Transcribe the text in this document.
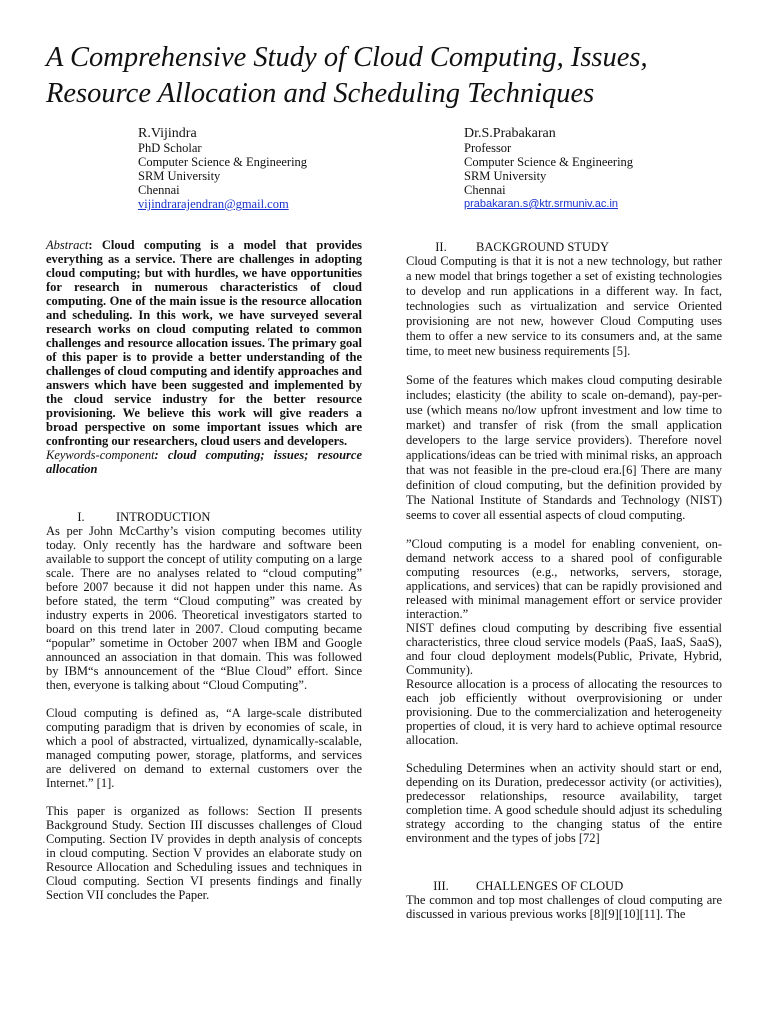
A Comprehensive Study of Cloud Computing, Issues,
Resource Allocation and Scheduling Techniques
R.Vijindra
PhD Scholar
Computer Science & Engineering
SRM University
Chennai
vijindrarajendran@gmail.com
Dr.S.Prabakaran
Professor
Computer Science & Engineering
SRM University
Chennai
prabakaran.s@ktr.srmuniv.ac.in

Abstract: Cloud computing is a model that provides everything as a service. There are challenges in adopting cloud computing; but with hurdles, we have opportunities for research in numerous characteristics of cloud computing. One of the main issue is the resource allocation and scheduling. In this work, we have surveyed several research works on cloud computing related to common challenges and resource allocation issues. The primary goal of this paper is to provide a better understanding of the challenges of cloud computing and identify approaches and answers which have been suggested and implemented by the cloud service industry for the better resource provisioning. We believe this work will give readers a broad perspective on some important issues which are confronting our researchers, cloud users and developers.

Keywords-component: cloud computing; issues; resource allocation

I.	INTRODUCTION

As per John McCarthy’s vision computing becomes utility today. Only recently has the hardware and software been available to support the concept of utility computing on a large scale. There are no analyses related to “cloud computing” before 2007 because it did not happen under this name. As before stated, the term “Cloud computing” was created by industry experts in 2006. Theoretical investigators started to board on this trend later in 2007. Cloud computing became “popular” sometime in October 2007 when IBM and Google announced an association in that domain. This was followed by IBM“s announcement of the “Blue Cloud” effort. Since then, everyone is talking about “Cloud Computing”.

Cloud computing is defined as, “A large-scale distributed computing paradigm that is driven by economies of scale, in which a pool of abstracted, virtualized, dynamically-scalable, managed computing power, storage, platforms, and services are delivered on demand to external customers over the Internet.” [1].

This paper is organized as follows: Section II presents Background Study. Section III discusses challenges of Cloud Computing. Section IV provides in depth analysis of concepts in cloud computing. Section V provides an elaborate study on Resource Allocation and Scheduling issues and techniques in Cloud computing. Section VI presents findings and finally Section VII concludes the Paper.

II.	BACKGROUND STUDY

Cloud Computing is that it is not a new technology, but rather a new model that brings together a set of existing technologies to develop and run applications in a different way. In fact, technologies such as virtualization and service Oriented provisioning are not new, however Cloud Computing uses them to offer a new service to its consumers and, at the same time, to meet new business requirements [5].

Some of the features which makes cloud computing desirable includes; elasticity (the ability to scale on-demand), pay-per-use (which means no/low upfront investment and low time to market) and transfer of risk (from the small application developers to the large service providers). Therefore novel applications/ideas can be tried with minimal risks, an approach that was not feasible in the pre-cloud era.[6] There are many definition of cloud computing, but the definition provided by The National Institute of Standards and Technology (NIST) seems to cover all essential aspects of cloud computing.

”Cloud computing is a model for enabling convenient, on-demand network access to a shared pool of configurable computing resources (e.g., networks, servers, storage, applications, and services) that can be rapidly provisioned and released with minimal management effort or service provider interaction.”

NIST defines cloud computing by describing five essential characteristics, three cloud service models (PaaS, IaaS, SaaS), and four cloud deployment models(Public, Private, Hybrid, Community).

Resource allocation is a process of allocating the resources to each job efficiently without overprovisioning or under provisioning. Due to the commercialization and heterogeneity properties of cloud, it is very hard to achieve optimal resource allocation.

Scheduling Determines when an activity should start or end, depending on its Duration, predecessor activity (or activities), predecessor relationships, resource availability, target completion time. A good schedule should adjust its scheduling strategy according to the changing status of the entire environment and the types of jobs [72]

III.	CHALLENGES OF CLOUD

The common and top most challenges of cloud computing are discussed in various previous works [8][9][10][11]. The
